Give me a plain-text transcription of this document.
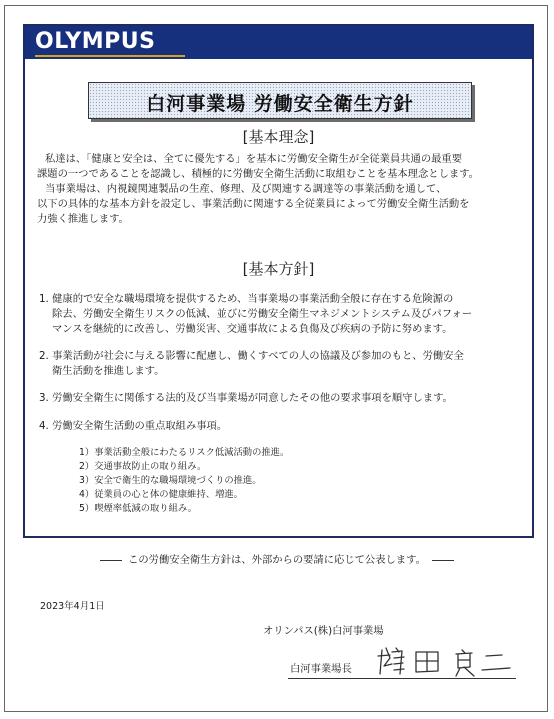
OLYMPUS
白河事業場 労働安全衛生方針
[基本理念]
私達は、「健康と安全は、全てに優先する」を基本に労働安全衛生が全従業員共通の最重要
課題の一つであることを認識し、積極的に労働安全衛生活動に取組むことを基本理念とします。
当事業場は、内視鏡関連製品の生産、修理、及び関連する調達等の事業活動を通して、
以下の具体的な基本方針を設定し、事業活動に関連する全従業員によって労働安全衛生活動を
力強く推進します。
[基本方針]
1. 健康的で安全な職場環境を提供するため、当事業場の事業活動全般に存在する危険源の
除去、労働安全衛生リスクの低減、並びに労働安全衛生マネジメントシステム及びパフォー
マンスを継続的に改善し、労働災害、交通事故による負傷及び疾病の予防に努めます。
2. 事業活動が社会に与える影響に配慮し、働くすべての人の協議及び参加のもと、労働安全
衛生活動を推進します。
3. 労働安全衛生に関係する法的及び当事業場が同意したその他の要求事項を順守します。
4. 労働安全衛生活動の重点取組み事項。
1）事業活動全般にわたるリスク低減活動の推進。
2）交通事故防止の取り組み。
3）安全で衛生的な職場環境づくりの推進。
4）従業員の心と体の健康維持、増進。
5）喫煙率低減の取り組み。
この労働安全衛生方針は、外部からの要請に応じて公表します。
2023年4月1日
オリンパス(株)白河事業場
白河事業場長
